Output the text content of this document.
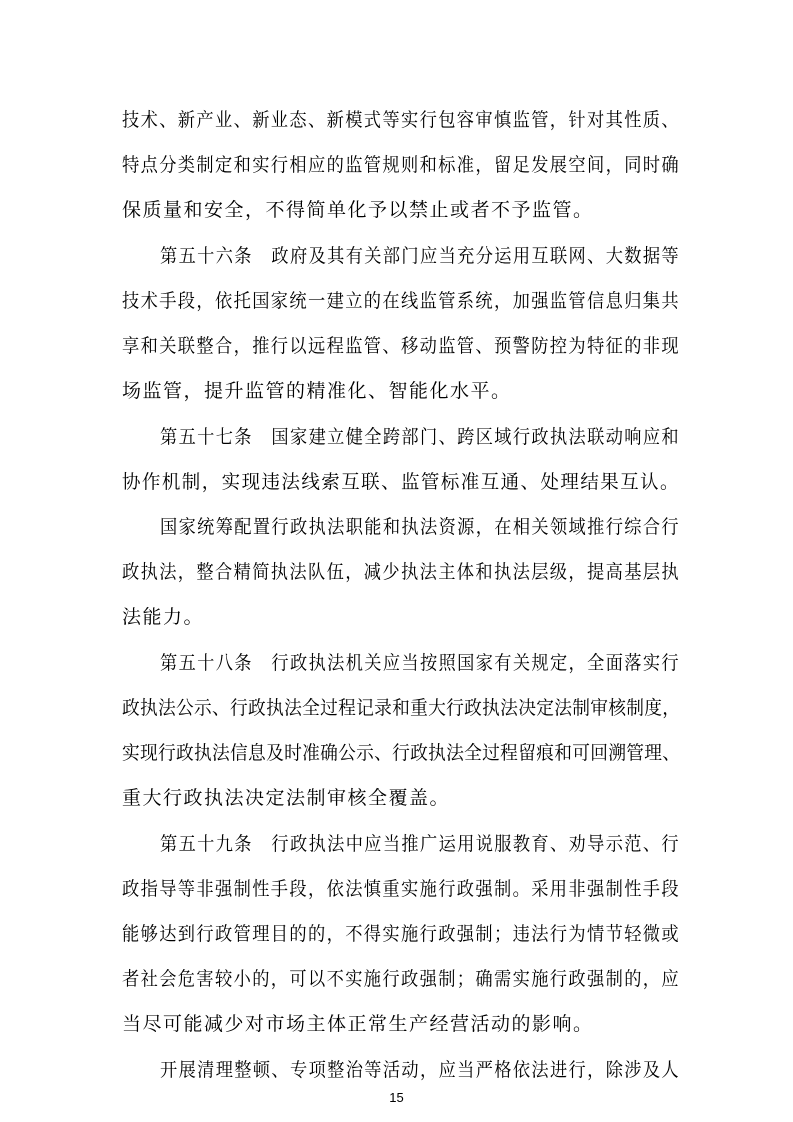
技术、新产业、新业态、新模式等实行包容审慎监管，针对其性质、
特点分类制定和实行相应的监管规则和标准，留足发展空间，同时确
保质量和安全，不得简单化予以禁止或者不予监管。
第五十六条　政府及其有关部门应当充分运用互联网、大数据等
技术手段，依托国家统一建立的在线监管系统，加强监管信息归集共
享和关联整合，推行以远程监管、移动监管、预警防控为特征的非现
场监管，提升监管的精准化、智能化水平。
第五十七条　国家建立健全跨部门、跨区域行政执法联动响应和
协作机制，实现违法线索互联、监管标准互通、处理结果互认。
国家统筹配置行政执法职能和执法资源，在相关领域推行综合行
政执法，整合精简执法队伍，减少执法主体和执法层级，提高基层执
法能力。
第五十八条　行政执法机关应当按照国家有关规定，全面落实行
政执法公示、行政执法全过程记录和重大行政执法决定法制审核制度，
实现行政执法信息及时准确公示、行政执法全过程留痕和可回溯管理、
重大行政执法决定法制审核全覆盖。
第五十九条　行政执法中应当推广运用说服教育、劝导示范、行
政指导等非强制性手段，依法慎重实施行政强制。采用非强制性手段
能够达到行政管理目的的，不得实施行政强制；违法行为情节轻微或
者社会危害较小的，可以不实施行政强制；确需实施行政强制的，应
当尽可能减少对市场主体正常生产经营活动的影响。
开展清理整顿、专项整治等活动，应当严格依法进行，除涉及人
15
